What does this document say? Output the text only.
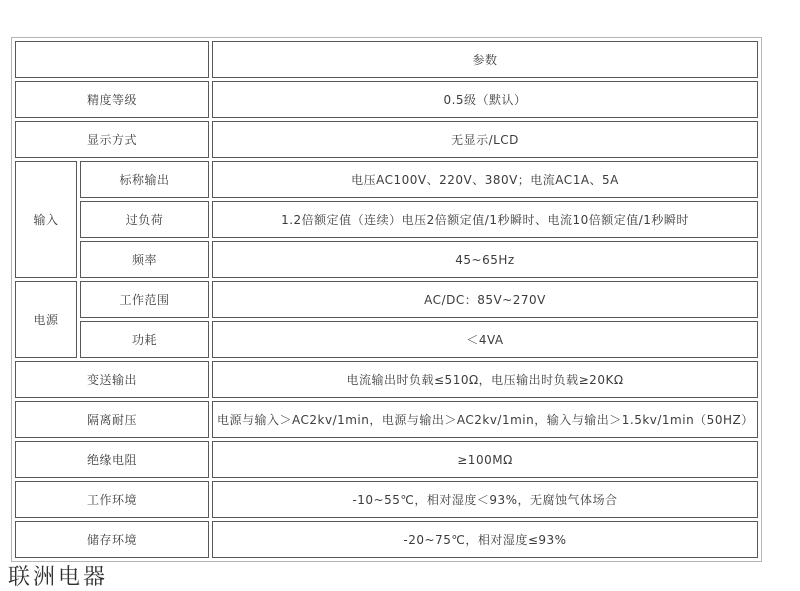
		参数
精度等级		0.5级（默认）
显示方式		无显示/LCD
输入	标称输出	电压AC100V、220V、380V；电流AC1A、5A
	过负荷	1.2倍额定值（连续）电压2倍额定值/1秒瞬时、电流10倍额定值/1秒瞬时
	频率	45~65Hz
电源	工作范围	AC/DC：85V~270V
	功耗	＜4VA
变送输出		电流输出时负载≤510Ω，电压输出时负载≥20KΩ
隔离耐压		电源与输入＞AC2kv/1min，电源与输出＞AC2kv/1min，输入与输出＞1.5kv/1min（50HZ）
绝缘电阻		≥100MΩ
工作环境		-10~55℃，相对湿度＜93%，无腐蚀气体场合
储存环境		-20~75℃，相对湿度≤93%
联洲电器
